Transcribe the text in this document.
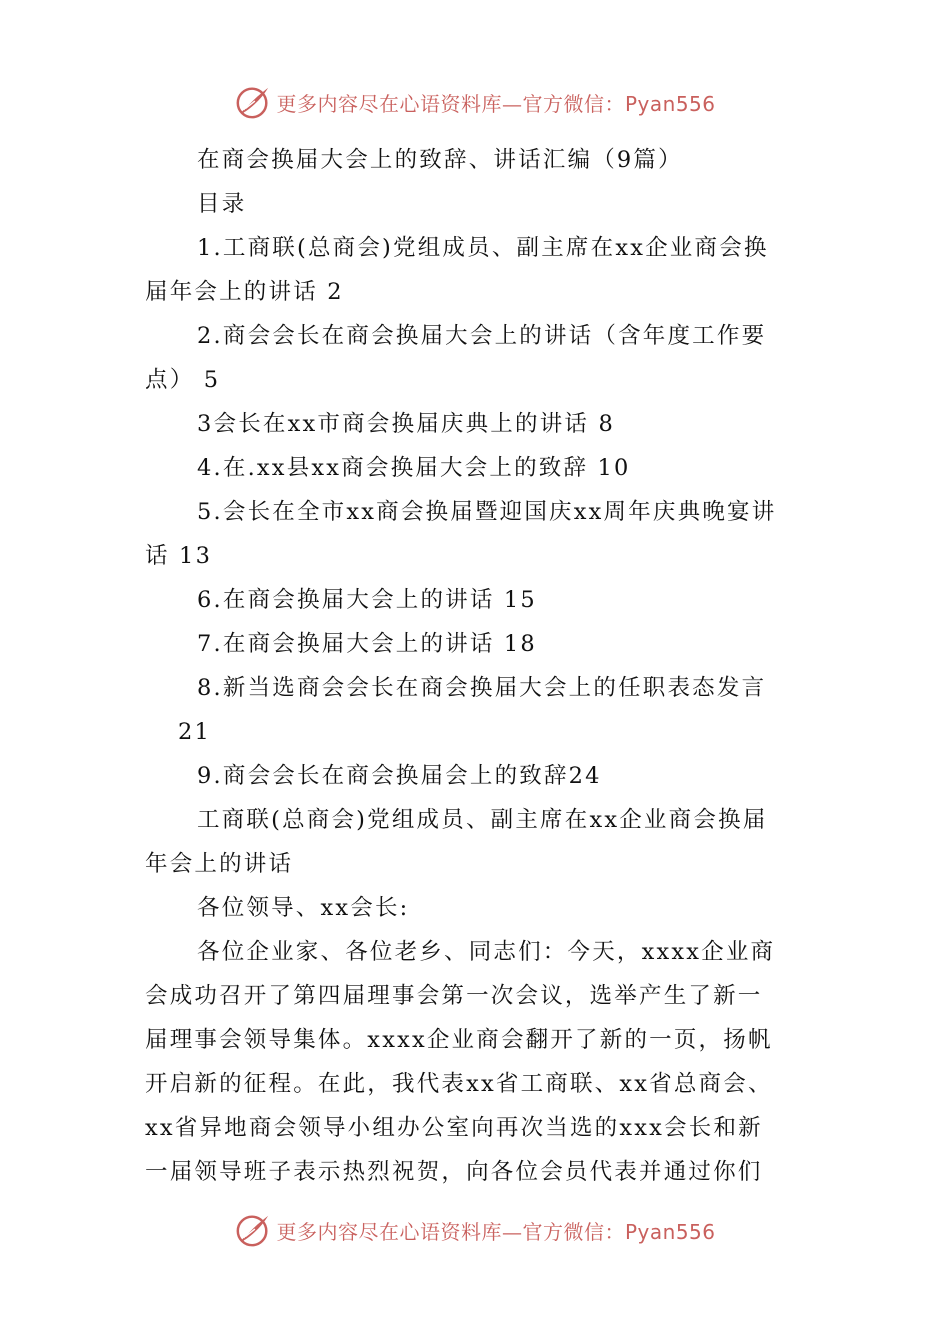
更多内容尽在心语资料库—官方微信：Pyan556
在商会换届大会上的致辞、讲话汇编（9篇）
目录
1.工商联(总商会)党组成员、副主席在xx企业商会换
届年会上的讲话 2
2.商会会长在商会换届大会上的讲话（含年度工作要
点） 5
3会长在xx市商会换届庆典上的讲话 8
4.在.xx县xx商会换届大会上的致辞 10
5.会长在全市xx商会换届暨迎国庆xx周年庆典晚宴讲
话 13
6.在商会换届大会上的讲话 15
7.在商会换届大会上的讲话 18
8.新当选商会会长在商会换届大会上的任职表态发言
21
9.商会会长在商会换届会上的致辞24
工商联(总商会)党组成员、副主席在xx企业商会换届
年会上的讲话
各位领导、xx会长:
各位企业家、各位老乡、同志们：今天，xxxx企业商
会成功召开了第四届理事会第一次会议，选举产生了新一
届理事会领导集体。xxxx企业商会翻开了新的一页，扬帆
开启新的征程。在此，我代表xx省工商联、xx省总商会、
xx省异地商会领导小组办公室向再次当选的xxx会长和新
一届领导班子表示热烈祝贺，向各位会员代表并通过你们
更多内容尽在心语资料库—官方微信：Pyan556
